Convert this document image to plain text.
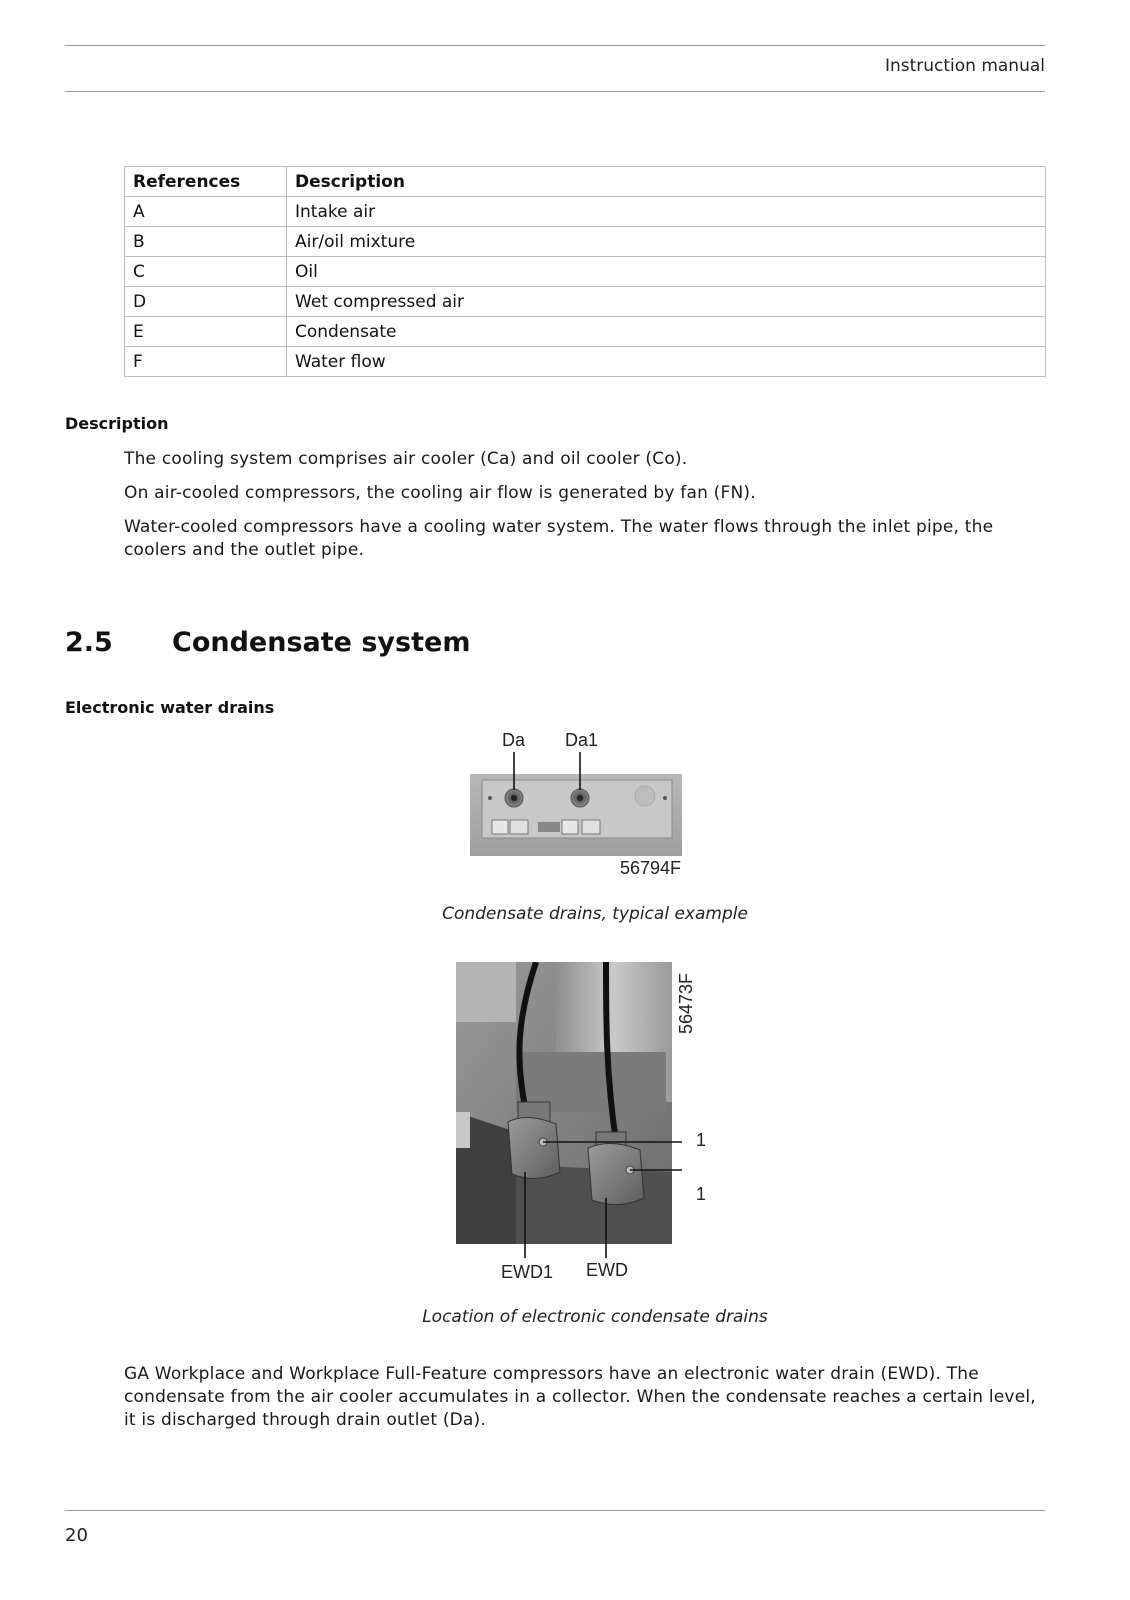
Instruction manual
References	Description
A	Intake air
B	Air/oil mixture
C	Oil
D	Wet compressed air
E	Condensate
F	Water flow
Description
The cooling system comprises air cooler (Ca) and oil cooler (Co).
On air-cooled compressors, the cooling air flow is generated by fan (FN).
Water-cooled compressors have a cooling water system. The water flows through the inlet pipe, the
coolers and the outlet pipe.
2.5 Condensate system
Electronic water drains
Da Da1
56794F
Condensate drains, typical example
56473F
1
1
EWD1 EWD
Location of electronic condensate drains
GA Workplace and Workplace Full-Feature compressors have an electronic water drain (EWD). The
condensate from the air cooler accumulates in a collector. When the condensate reaches a certain level,
it is discharged through drain outlet (Da).
20
